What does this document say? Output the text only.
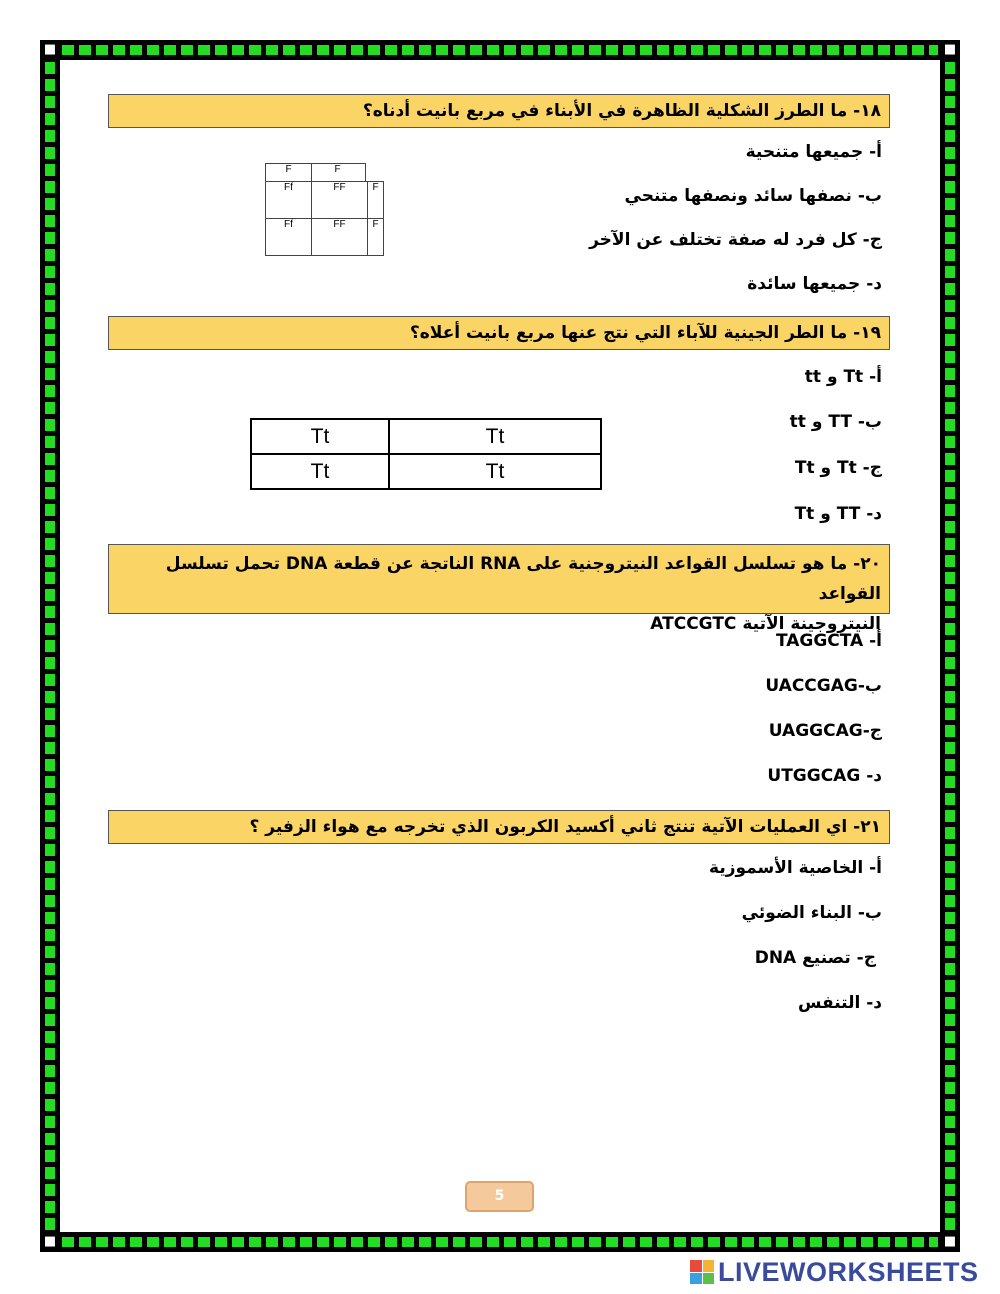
■	■
■	■
١٨- ما الطرز الشكلية الظاهرة في الأبناء في مربع بانيت أدناه؟
أ- جميعها متنحية
ب- نصفها سائد ونصفها متنحي
ج- كل فرد له صفة تختلف عن الآخر
د- جميعها سائدة
F	F
Ff	FF	F
Ff	FF	F
١٩- ما الطر الجينية للآباء التي نتج عنها مربع بانيت أعلاه؟
أ- Tt و tt
ب- TT و tt
ج- Tt و Tt
د- TT و Tt
Tt	Tt
Tt	Tt
٢٠- ما هو تسلسل القواعد النيتروجنية على RNA الناتجة عن قطعة DNA تحمل تسلسل القواعد
النيتروجينة الآتية ATCCGTC
أ- TAGGCTA
ب-UACCGAG
ج-UAGGCAG
د- UTGGCAG
٢١- اي العمليات الآتية تنتج ثاني أكسيد الكربون الذي تخرجه مع هواء الزفير ؟
أ- الخاصية الأسموزية
ب- البناء الضوئي
ج- تصنيع DNA
د- التنفس
5
LIVEWORKSHEETS
